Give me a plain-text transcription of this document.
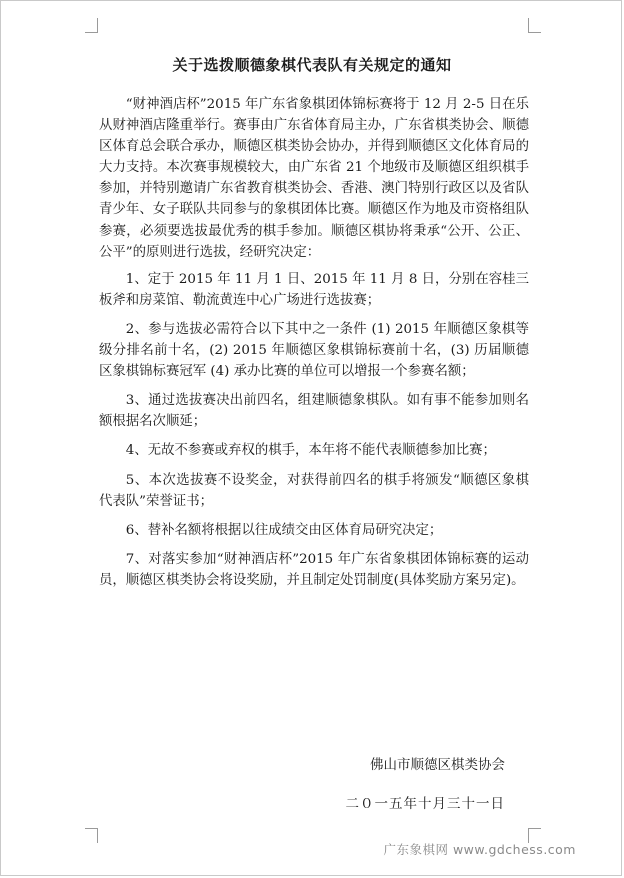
关于选拨顺德象棋代表队有关规定的通知

“财神酒店杯”2015 年广东省象棋团体锦标赛将于 12 月 2-5 日在乐从财神酒店隆重举行。赛事由广东省体育局主办，广东省棋类协会、顺德区体育总会联合承办，顺德区棋类协会协办，并得到顺德区文化体育局的大力支持。本次赛事规模较大，由广东省 21 个地级市及顺德区组织棋手参加，并特别邀请广东省教育棋类协会、香港、澳门特别行政区以及省队青少年、女子联队共同参与的象棋团体比赛。顺德区作为地及市资格组队参赛，必须要选拔最优秀的棋手参加。顺德区棋协将秉承“公开、公正、公平”的原则进行选拔，经研究决定：

1、定于 2015 年 11 月 1 日、2015 年 11 月 8 日，分别在容桂三板斧和房菜馆、勒流黄连中心广场进行选拔赛；

2、参与选拔必需符合以下其中之一条件 (1) 2015 年顺德区象棋等级分排名前十名，(2) 2015 年顺德区象棋锦标赛前十名，(3) 历届顺德区象棋锦标赛冠军 (4) 承办比赛的单位可以增报一个参赛名额；

3、通过选拔赛决出前四名，组建顺德象棋队。如有事不能参加则名额根据名次顺延；

4、无故不参赛或弃权的棋手，本年将不能代表顺德参加比赛；

5、本次选拔赛不设奖金，对获得前四名的棋手将颁发“顺德区象棋代表队”荣誉证书；

6、替补名额将根据以往成绩交由区体育局研究决定；

7、对落实参加“财神酒店杯”2015 年广东省象棋团体锦标赛的运动员，顺德区棋类协会将设奖励，并且制定处罚制度(具体奖励方案另定)。

佛山市顺德区棋类协会
二０一五年十月三十一日
广东象棋网 www.gdchess.com
